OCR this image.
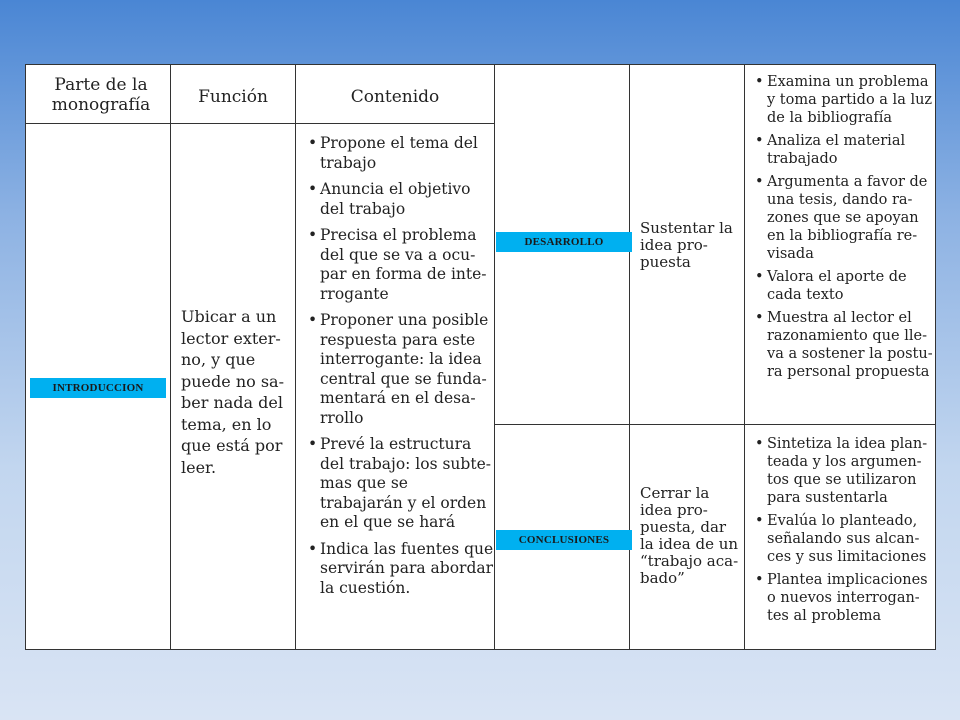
Parte de la monografía	Función	Contenido
Ubicar a un lector exter-no, y que puede no sa-ber nada del tema, en lo que está por leer.
• Propone el tema del trabajo
• Anuncia el objetivo del trabajo
• Precisa el problema del que se va a ocu-par en forma de inte-rrogante
• Proponer una posible respuesta para este interrogante: la idea central que se funda-mentará en el desa-rrollo
• Prevé la estructura del trabajo: los subte-mas que se trabajarán y el orden en el que se hará
• Indica las fuentes que servirán para abordar la cuestión.
Sustentar la idea pro-puesta
• Examina un problema y toma partido a la luz de la bibliografía
• Analiza el material trabajado
• Argumenta a favor de una tesis, dando ra-zones que se apoyan en la bibliografía re-visada
• Valora el aporte de cada texto
• Muestra al lector el razonamiento que lle-va a sostener la postu-ra personal propuesta
Cerrar la idea pro-puesta, dar la idea de un “trabajo aca-bado”
• Sintetiza la idea plan-teada y los argumen-tos que se utilizaron para sustentarla
• Evalúa lo planteado, señalando sus alcan-ces y sus limitaciones
• Plantea implicaciones o nuevos interrogan-tes al problema
INTRODUCCION
DESARROLLO
CONCLUSIONES
